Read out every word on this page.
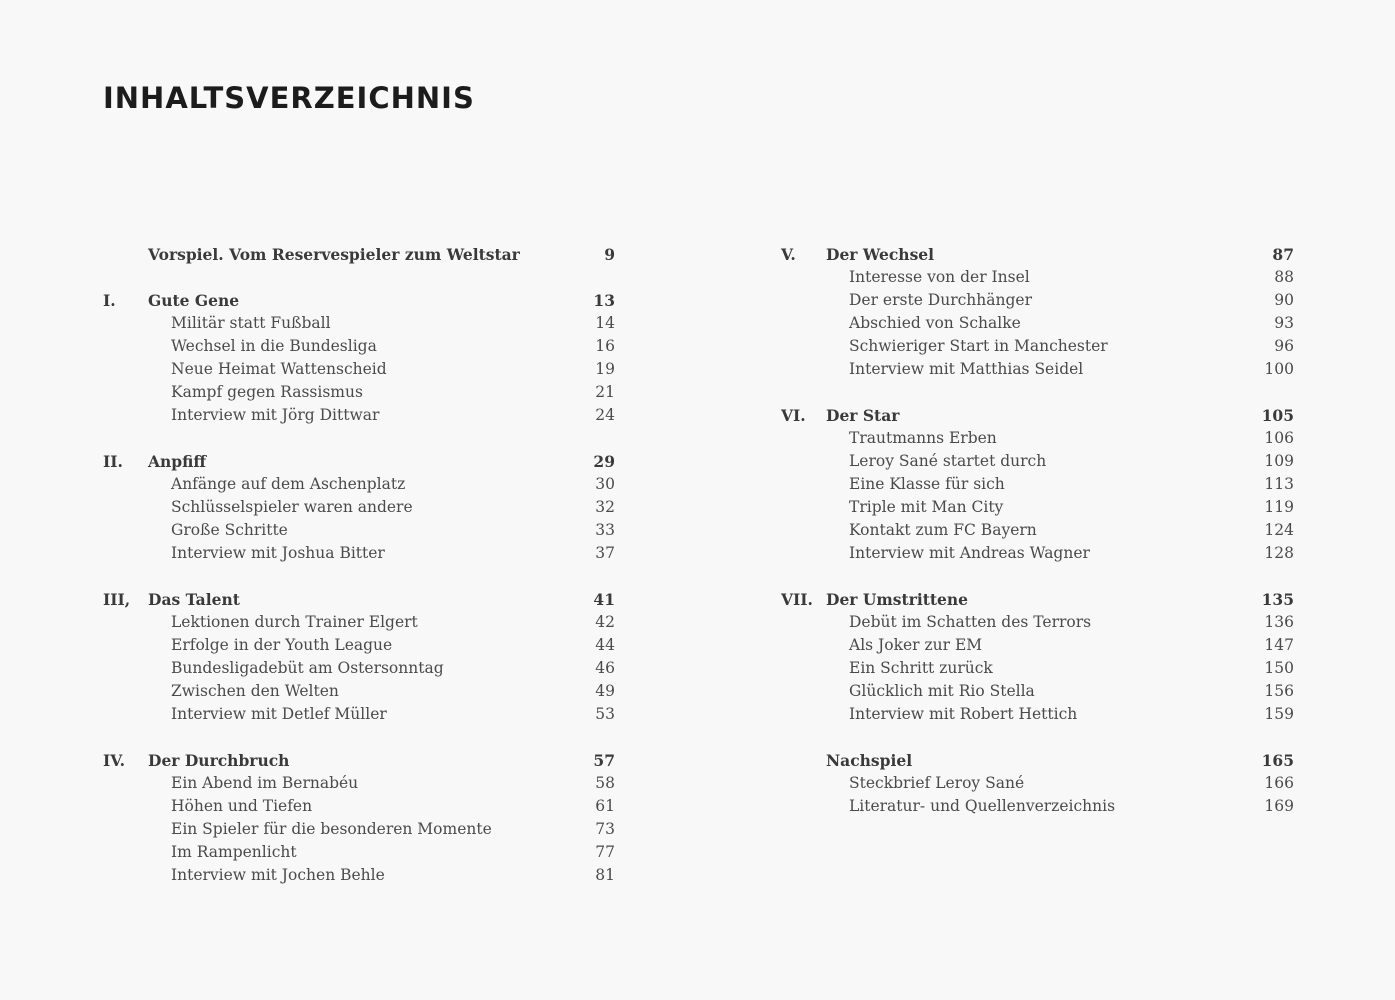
INHALTSVERZEICHNIS
Vorspiel. Vom Reservespieler zum Weltstar	9
I. Gute Gene	13
Militär statt Fußball	14
Wechsel in die Bundesliga	16
Neue Heimat Wattenscheid	19
Kampf gegen Rassismus	21
Interview mit Jörg Dittwar	24
II. Anpfiff	29
Anfänge auf dem Aschenplatz	30
Schlüsselspieler waren andere	32
Große Schritte	33
Interview mit Joshua Bitter	37
III, Das Talent	41
Lektionen durch Trainer Elgert	42
Erfolge in der Youth League	44
Bundesligadebüt am Ostersonntag	46
Zwischen den Welten	49
Interview mit Detlef Müller	53
IV. Der Durchbruch	57
Ein Abend im Bernabéu	58
Höhen und Tiefen	61
Ein Spieler für die besonderen Momente	73
Im Rampenlicht	77
Interview mit Jochen Behle	81
V. Der Wechsel	87
Interesse von der Insel	88
Der erste Durchhänger	90
Abschied von Schalke	93
Schwieriger Start in Manchester	96
Interview mit Matthias Seidel	100
VI. Der Star	105
Trautmanns Erben	106
Leroy Sané startet durch	109
Eine Klasse für sich	113
Triple mit Man City	119
Kontakt zum FC Bayern	124
Interview mit Andreas Wagner	128
VII. Der Umstrittene	135
Debüt im Schatten des Terrors	136
Als Joker zur EM	147
Ein Schritt zurück	150
Glücklich mit Rio Stella	156
Interview mit Robert Hettich	159
Nachspiel	165
Steckbrief Leroy Sané	166
Literatur- und Quellenverzeichnis	169
